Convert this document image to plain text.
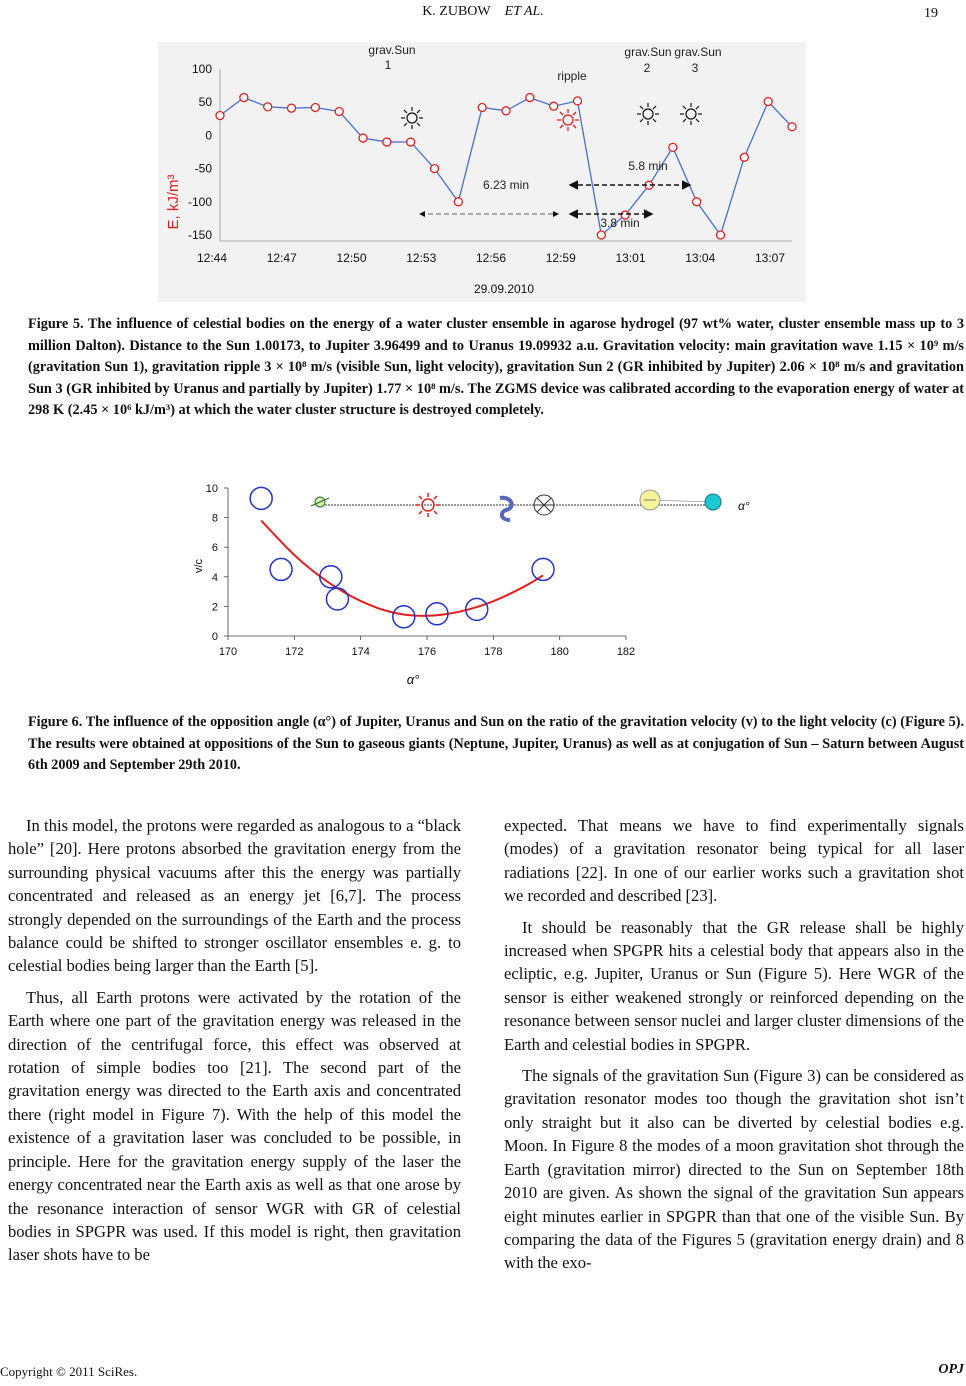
K. ZUBOW ET AL.	19
100
50
0
-50
-100
-150
12:44	12:47	12:50	12:53	12:56	12:59	13:01	13:04	13:07
E, kJ/m³
29.09.2010
grav.Sun
1
ripple
grav.Sun
2
grav.Sun
3
6.23 min
5.8 min
3.8 min
Figure 5. The influence of celestial bodies on the energy of a water cluster ensemble in agarose hydrogel (97 wt% water, cluster ensemble mass up to 3 million Dalton). Distance to the Sun 1.00173, to Jupiter 3.96499 and to Uranus 19.09932 a.u. Gravitation velocity: main gravitation wave 1.15 × 10⁹ m/s (gravitation Sun 1), gravitation ripple 3 × 10⁸ m/s (visible Sun, light velocity), gravitation Sun 2 (GR inhibited by Jupiter) 2.06 × 10⁸ m/s and gravitation Sun 3 (GR inhibited by Uranus and partially by Jupiter) 1.77 × 10⁸ m/s. The ZGMS device was calibrated according to the evaporation energy of water at 298 K (2.45 × 10⁶ kJ/m³) at which the water cluster structure is destroyed completely.
0
2
4
6
8
10
170	172	174	176	178	180	182
v/c
α°
α°
Figure 6. The influence of the opposition angle (α°) of Jupiter, Uranus and Sun on the ratio of the gravitation velocity (v) to the light velocity (c) (Figure 5). The results were obtained at oppositions of the Sun to gaseous giants (Neptune, Jupiter, Uranus) as well as at conjugation of Sun – Saturn between August 6th 2009 and September 29th 2010.

In this model, the protons were regarded as analogous to a “black hole” [20]. Here protons absorbed the gravitation energy from the surrounding physical vacuums after this the energy was partially concentrated and released as an energy jet [6,7]. The process strongly depended on the surroundings of the Earth and the process balance could be shifted to stronger oscillator ensembles e. g. to celestial bodies being larger than the Earth [5].

Thus, all Earth protons were activated by the rotation of the Earth where one part of the gravitation energy was released in the direction of the centrifugal force, this effect was observed at rotation of simple bodies too [21]. The second part of the gravitation energy was directed to the Earth axis and concentrated there (right model in Figure 7). With the help of this model the existence of a gravitation laser was concluded to be possible, in principle. Here for the gravitation energy supply of the laser the energy concentrated near the Earth axis as well as that one arose by the resonance interaction of sensor WGR with GR of celestial bodies in SPGPR was used. If this model is right, then gravitation laser shots have to be

expected. That means we have to find experimentally signals (modes) of a gravitation resonator being typical for all laser radiations [22]. In one of our earlier works such a gravitation shot we recorded and described [23].

It should be reasonably that the GR release shall be highly increased when SPGPR hits a celestial body that appears also in the ecliptic, e.g. Jupiter, Uranus or Sun (Figure 5). Here WGR of the sensor is either weakened strongly or reinforced depending on the resonance between sensor nuclei and larger cluster dimensions of the Earth and celestial bodies in SPGPR.

The signals of the gravitation Sun (Figure 3) can be considered as gravitation resonator modes too though the gravitation shot isn’t only straight but it also can be diverted by celestial bodies e.g. Moon. In Figure 8 the modes of a moon gravitation shot through the Earth (gravitation mirror) directed to the Sun on September 18th 2010 are given. As shown the signal of the gravitation Sun appears eight minutes earlier in SPGPR than that one of the visible Sun. By comparing the data of the Figures 5 (gravitation energy drain) and 8 with the exo-

Copyright © 2011 SciRes.	OPJ
